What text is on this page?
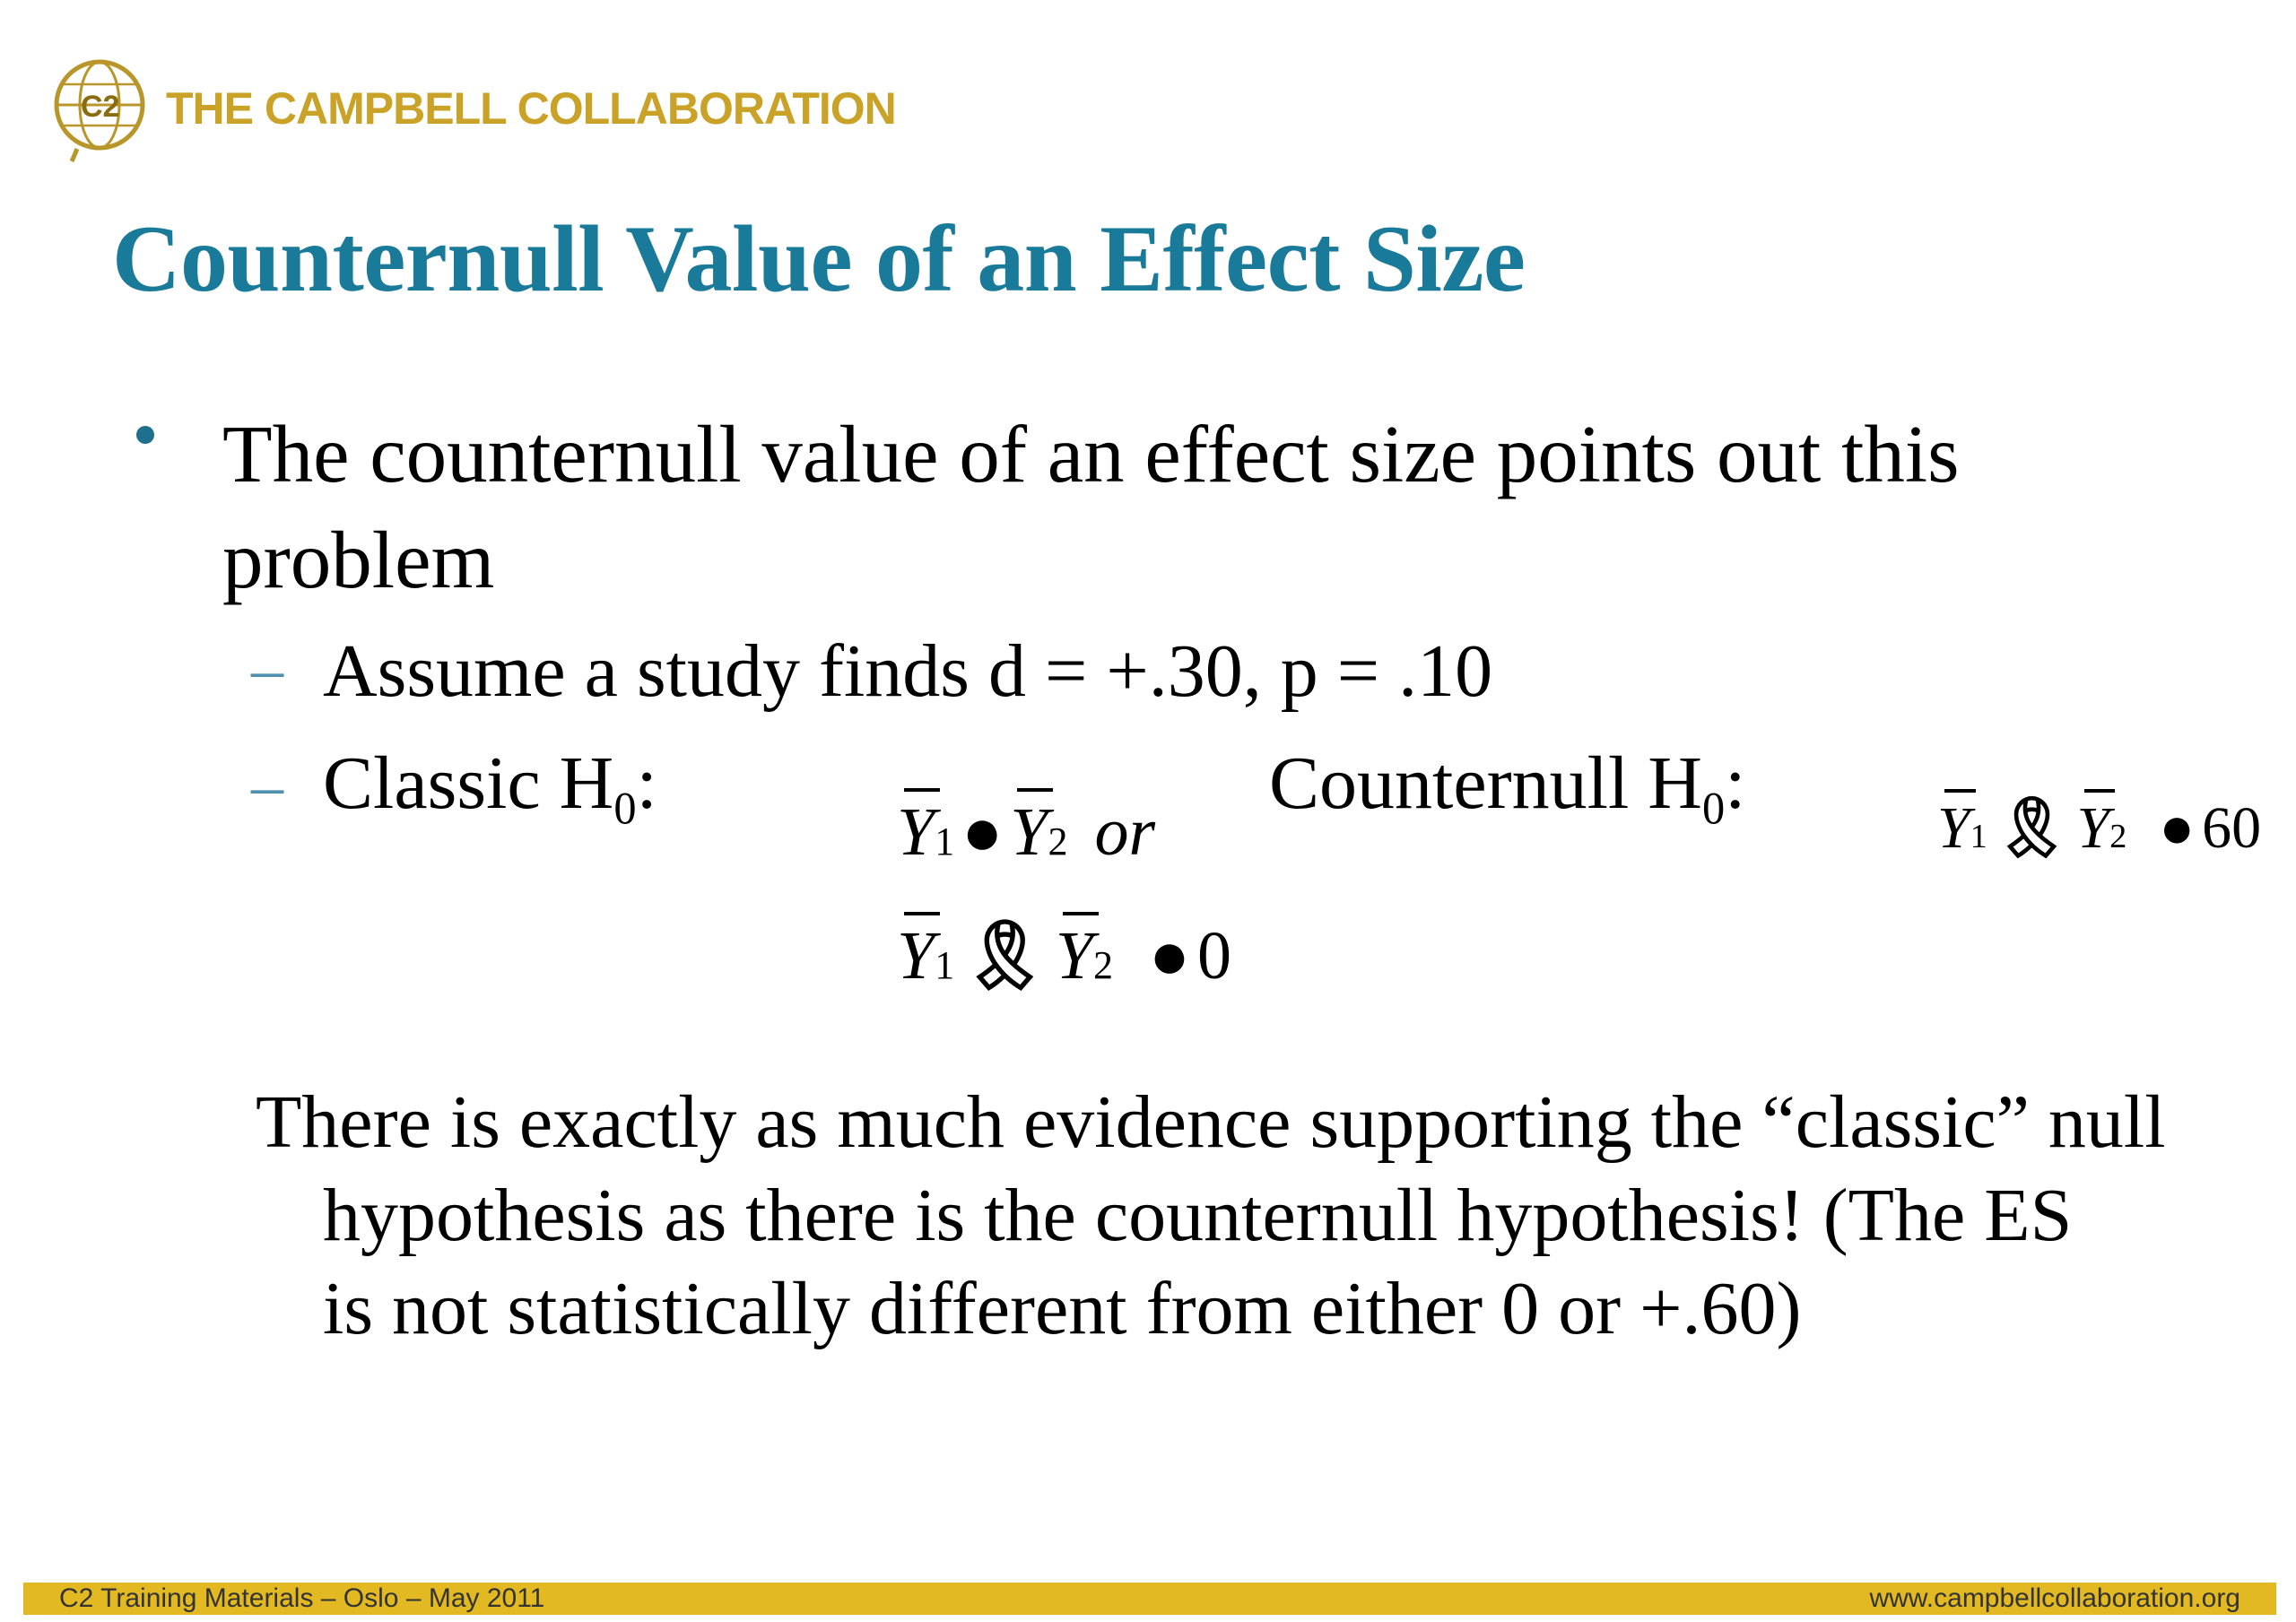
C2 THE CAMPBELL COLLABORATION
Counternull Value of an Effect Size
The counternull value of an effect size points out this problem
– Assume a study finds d = +.30, p = .10
– Classic $H_0$:	Counternull $H_0$:
Y 1 ● Y 2 or
Y 1 🎗 Y 2 ● 0
Y 1 🎗 Y 2 ● 60
There is exactly as much evidence supporting the “classic” null
hypothesis as there is the counternull hypothesis! (The ES
is not statistically different from either 0 or +.60)
C2 Training Materials – Oslo – May 2011	www.campbellcollaboration.org
